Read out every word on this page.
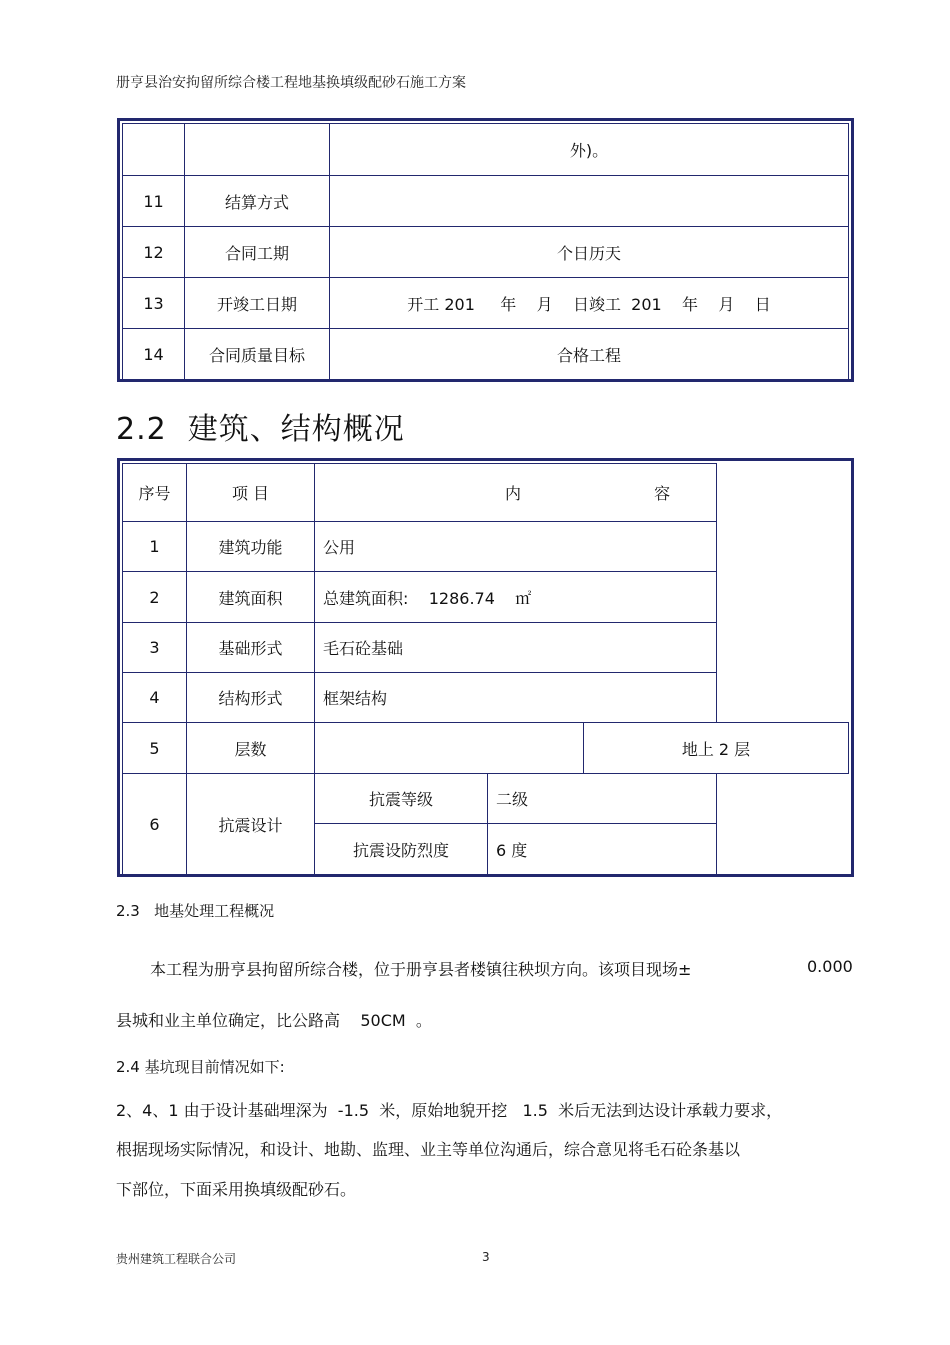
册亨县治安拘留所综合楼工程地基换填级配砂石施工方案
		外)。
11	结算方式	
12	合同工期	个日历天
13	开竣工日期	开工 201     年    月    日竣工  201    年    月    日
14	合同质量目标	合格工程
2.2  建筑、结构概况
序号	项 目	内 容		
1	建筑功能	公用		
2	建筑面积	总建筑面积:    1286.74    ㎡		
3	基础形式	毛石砼基础		
4	结构形式	框架结构		
5	层数			地上 2 层
6	抗震设计	抗震等级	二级	
		抗震设防烈度	6 度	
2.3   地基处理工程概况
本工程为册亨县拘留所综合楼，位于册亨县者楼镇往秧坝方向。该项目现场±	0.000
县城和业主单位确定，比公路高    50CM  。
2.4 基坑现目前情况如下:
2、4、1 由于设计基础埋深为  -1.5  米，原始地貌开挖   1.5  米后无法到达设计承载力要求，
根据现场实际情况，和设计、地勘、监理、业主等单位沟通后，综合意见将毛石砼条基以
下部位，下面采用换填级配砂石。
贵州建筑工程联合公司	3
